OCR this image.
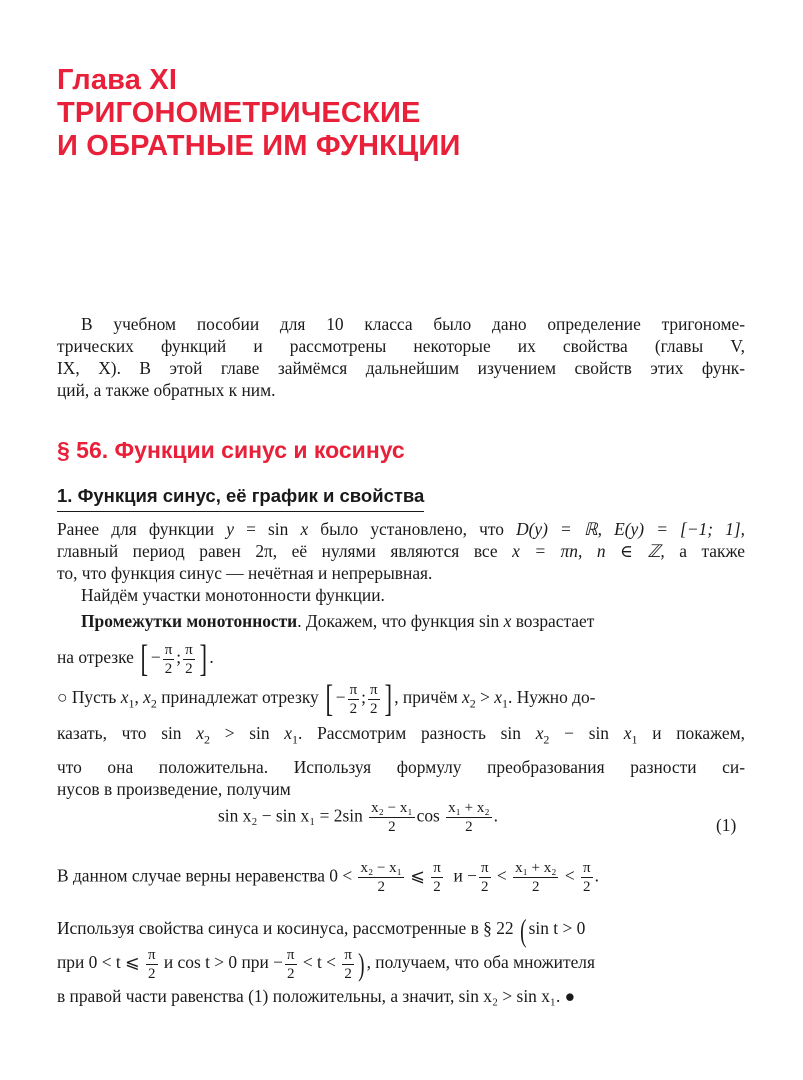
Глава XI
ТРИГОНОМЕТРИЧЕСКИЕ
И ОБРАТНЫЕ ИМ ФУНКЦИИ
В учебном пособии для 10 класса было дано определение тригономе-
трических функций и рассмотрены некоторые их свойства (главы V,
IX, X). В этой главе займёмся дальнейшим изучением свойств этих функ-
ций, а также обратных к ним.
§ 56. Функции синус и косинус
1. Функция синус, её график и свойства
Ранее для функции y = sin x было установлено, что D(y) = ℝ, E(y) = [−1; 1],
главный период равен 2π, её нулями являются все x = πn, n ∈ ℤ, а также
то, что функция синус — нечётная и непрерывная.
Найдём участки монотонности функции.
Промежутки монотонности. Докажем, что функция sin x возрастает
на отрезке [ − $\frac{\pi}{2}$ ; $\frac{\pi}{2}$ ] .
○ Пусть $x_1$, $x_2$ принадлежат отрезку [ − $\frac{\pi}{2}$ ; $\frac{\pi}{2}$ ] , причём $x_2 > x_1$. Нужно до-
казать, что $\sin x_2 > \sin x_1$. Рассмотрим разность $\sin x_2 - \sin x_1$ и покажем,
что она положительна. Используя формулу преобразования разности си-
нусов в произведение, получим
$\sin x_2 - \sin x_1 = 2\sin \frac{\text{x₂ − x₁}}{2}$ $\cos \frac{\text{x₁ + x₂}}{2}$ .	(1)
В данном случае верны неравенства $0 < \frac{\text{x₂ − x₁}}{2}$ ⩽ $\frac{\pi}{2}$ $и - \frac{\pi}{2} < \frac{\text{x₁ + x₂}}{2} < \frac{\pi}{2}$ .
Используя свойства синуса и косинуса, рассмотренные в § 22 ( sin t > 0
при 0 < t ⩽ $\frac{\pi}{2}$ и cos t > 0 при − $\frac{\pi}{2} < t < \frac{\pi}{2}$ ) , получаем, что оба множителя
в правой части равенства (1) положительны, а значит, sin x₂ > sin x₁. ●
